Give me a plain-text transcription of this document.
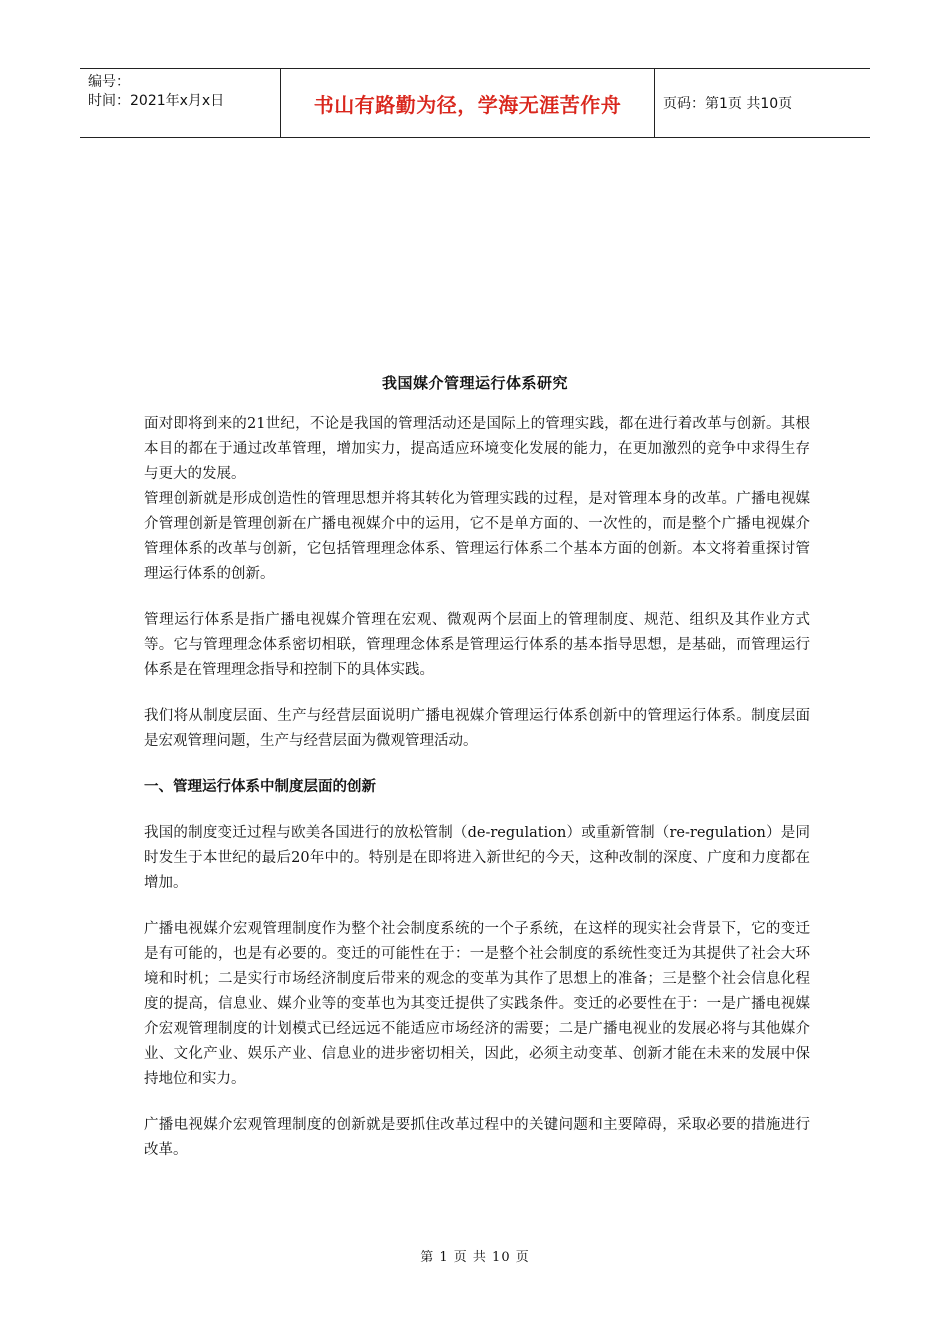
编号：
时间：2021年x月x日	书山有路勤为径，学海无涯苦作舟	页码：第1页 共10页
我国媒介管理运行体系研究

面对即将到来的21世纪，不论是我国的管理活动还是国际上的管理实践，都在进行着改革与创新。其根本目的都在于通过改革管理，增加实力，提高适应环境变化发展的能力，在更加激烈的竞争中求得生存与更大的发展。

管理创新就是形成创造性的管理思想并将其转化为管理实践的过程，是对管理本身的改革。广播电视媒介管理创新是管理创新在广播电视媒介中的运用，它不是单方面的、一次性的，而是整个广播电视媒介管理体系的改革与创新，它包括管理理念体系、管理运行体系二个基本方面的创新。本文将着重探讨管理运行体系的创新。

管理运行体系是指广播电视媒介管理在宏观、微观两个层面上的管理制度、规范、组织及其作业方式等。它与管理理念体系密切相联，管理理念体系是管理运行体系的基本指导思想，是基础，而管理运行体系是在管理理念指导和控制下的具体实践。

我们将从制度层面、生产与经营层面说明广播电视媒介管理运行体系创新中的管理运行体系。制度层面是宏观管理问题，生产与经营层面为微观管理活动。

一、管理运行体系中制度层面的创新

我国的制度变迁过程与欧美各国进行的放松管制（de-regulation）或重新管制（re-regulation）是同时发生于本世纪的最后20年中的。特别是在即将进入新世纪的今天，这种改制的深度、广度和力度都在增加。

广播电视媒介宏观管理制度作为整个社会制度系统的一个子系统，在这样的现实社会背景下，它的变迁是有可能的，也是有必要的。变迁的可能性在于：一是整个社会制度的系统性变迁为其提供了社会大环境和时机；二是实行市场经济制度后带来的观念的变革为其作了思想上的准备；三是整个社会信息化程度的提高，信息业、媒介业等的变革也为其变迁提供了实践条件。变迁的必要性在于：一是广播电视媒介宏观管理制度的计划模式已经远远不能适应市场经济的需要；二是广播电视业的发展必将与其他媒介业、文化产业、娱乐产业、信息业的进步密切相关，因此，必须主动变革、创新才能在未来的发展中保持地位和实力。

广播电视媒介宏观管理制度的创新就是要抓住改革过程中的关键问题和主要障碍，采取必要的措施进行改革。

第 1 页 共 10 页
